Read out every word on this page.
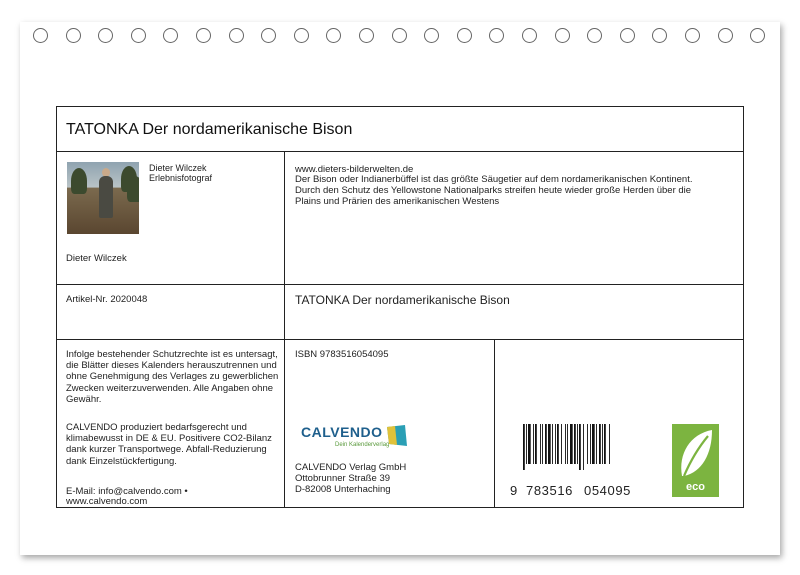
TATONKA Der nordamerikanische Bison
Dieter Wilczek
Erlebnisfotograf
Dieter Wilczek
www.dieters-bilderwelten.de
Der Bison oder Indianerbüffel ist das größte Säugetier auf dem nordamerikanischen Kontinent. Durch den Schutz des Yellowstone Nationalparks streifen heute wieder große Herden über die Plains und Prärien des amerikanischen Westens
Artikel-Nr. 2020048	TATONKA Der nordamerikanische Bison
Infolge bestehender Schutzrechte ist es untersagt, die Blätter dieses Kalenders herauszutrennen und ohne Genehmigung des Verlages zu gewerblichen Zwecken weiterzuverwenden. Alle Angaben ohne Gewähr.
CALVENDO produziert bedarfsgerecht und klimabewusst in DE & EU. Positivere CO2-Bilanz dank kurzer Transportwege. Abfall-Reduzierung dank Einzelstückfertigung.
E-Mail: info@calvendo.com •
www.calvendo.com
ISBN 9783516054095
CALVENDO
Dein Kalenderverlag
CALVENDO Verlag GmbH
Ottobrunner Straße 39
D-82008 Unterhaching	9 783516 054095	eco
